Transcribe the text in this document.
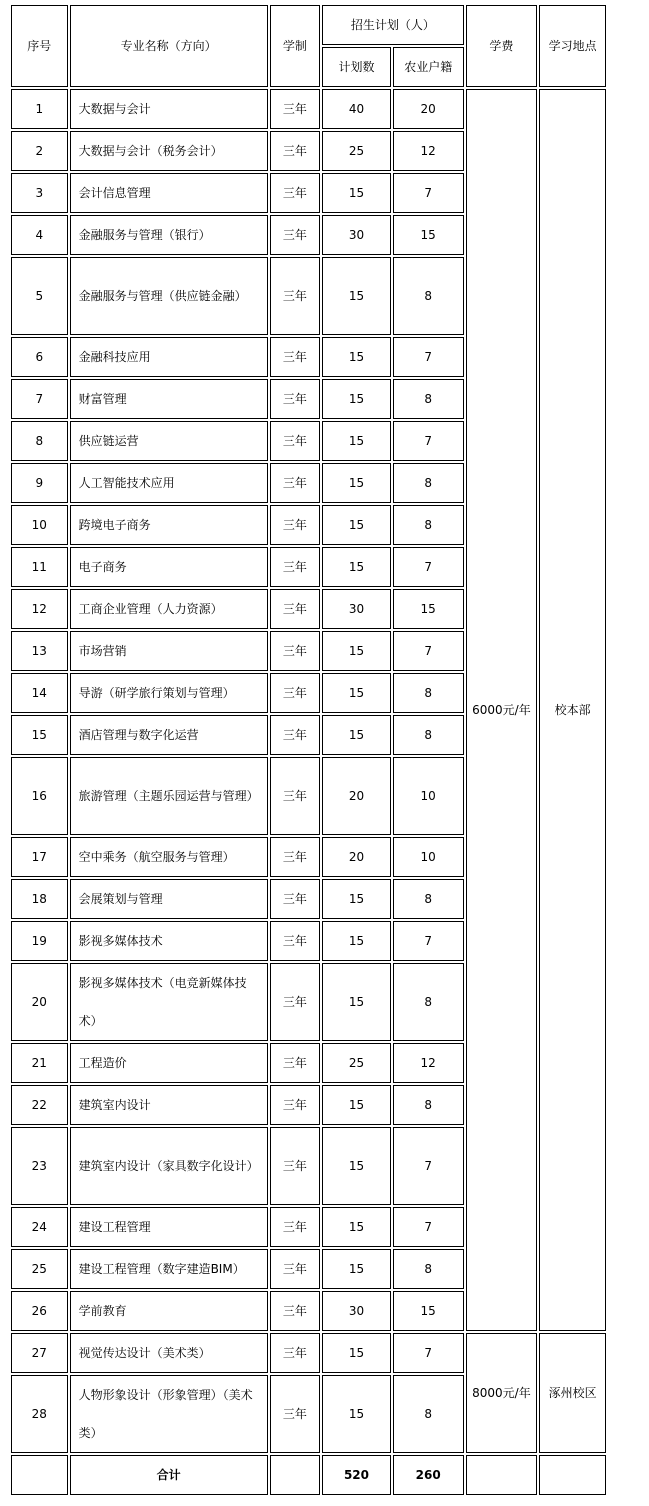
序号	专业名称（方向）	学制	招生计划（人）		学费	学习地点
			计划数	农业户籍		
1	大数据与会计	三年	40	20	6000元/年	校本部
2	大数据与会计（税务会计）	三年	25	12		
3	会计信息管理	三年	15	7		
4	金融服务与管理（银行）	三年	30	15		
5	金融服务与管理（供应链金融）	三年	15	8		
6	金融科技应用	三年	15	7		
7	财富管理	三年	15	8		
8	供应链运营	三年	15	7		
9	人工智能技术应用	三年	15	8		
10	跨境电子商务	三年	15	8		
11	电子商务	三年	15	7		
12	工商企业管理（人力资源）	三年	30	15		
13	市场营销	三年	15	7		
14	导游（研学旅行策划与管理）	三年	15	8		
15	酒店管理与数字化运营	三年	15	8		
16	旅游管理（主题乐园运营与管理）	三年	20	10		
17	空中乘务（航空服务与管理）	三年	20	10		
18	会展策划与管理	三年	15	8		
19	影视多媒体技术	三年	15	7		
20	影视多媒体技术（电竞新媒体技术）	三年	15	8		
21	工程造价	三年	25	12		
22	建筑室内设计	三年	15	8		
23	建筑室内设计（家具数字化设计）	三年	15	7		
24	建设工程管理	三年	15	7		
25	建设工程管理（数字建造BIM）	三年	15	8		
26	学前教育	三年	30	15		
27	视觉传达设计（美术类）	三年	15	7	8000元/年	涿州校区
28	人物形象设计（形象管理）（美术类）	三年	15	8		
	合计		520	260		
